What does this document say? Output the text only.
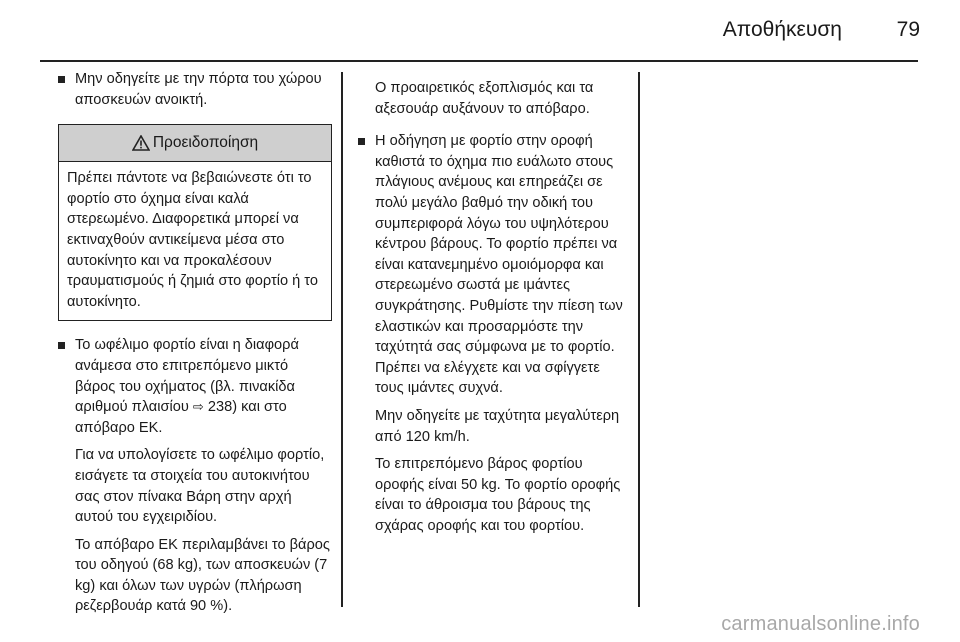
Αποθήκευση	79

Μην οδηγείτε με την πόρτα του χώρου αποσκευών ανοικτή.

Προειδοποίηση

Πρέπει πάντοτε να βεβαιώνεστε ότι το φορτίο στο όχημα είναι καλά στερεωμένο. Διαφορετικά μπορεί να εκτιναχθούν αντικείμενα μέσα στο αυτοκίνητο και να προκαλέσουν τραυματισμούς ή ζημιά στο φορτίο ή το αυτοκίνητο.

Το ωφέλιμο φορτίο είναι η διαφορά ανάμεσα στο επιτρεπόμενο μικτό βάρος του οχήματος (βλ. πινακίδα αριθμού πλαισίου ⇨ 238) και στο απόβαρο ΕΚ.

Για να υπολογίσετε το ωφέλιμο φορτίο, εισάγετε τα στοιχεία του αυτοκινήτου σας στον πίνακα Βάρη στην αρχή αυτού του εγχειριδίου.

Το απόβαρο ΕΚ περιλαμβάνει το βάρος του οδηγού (68 kg), των αποσκευών (7 kg) και όλων των υγρών (πλήρωση ρεζερβουάρ κατά 90 %).

Ο προαιρετικός εξοπλισμός και τα αξεσουάρ αυξάνουν το απόβαρο.

Η οδήγηση με φορτίο στην οροφή καθιστά το όχημα πιο ευάλωτο στους πλάγιους ανέμους και επηρεάζει σε πολύ μεγάλο βαθμό την οδική του συμπεριφορά λόγω του υψηλότερου κέντρου βάρους. Το φορτίο πρέπει να είναι κατανεμημένο ομοιόμορφα και στερεωμένο σωστά με ιμάντες συγκράτησης. Ρυθμίστε την πίεση των ελαστικών και προσαρμόστε την ταχύτητά σας σύμφωνα με το φορτίο. Πρέπει να ελέγχετε και να σφίγγετε τους ιμάντες συχνά.

Μην οδηγείτε με ταχύτητα μεγαλύτερη από 120 km/h.

Το επιτρεπόμενο βάρος φορτίου οροφής είναι 50 kg. Το φορτίο οροφής είναι το άθροισμα του βάρους της σχάρας οροφής και του φορτίου.

carmanualsonline.info
